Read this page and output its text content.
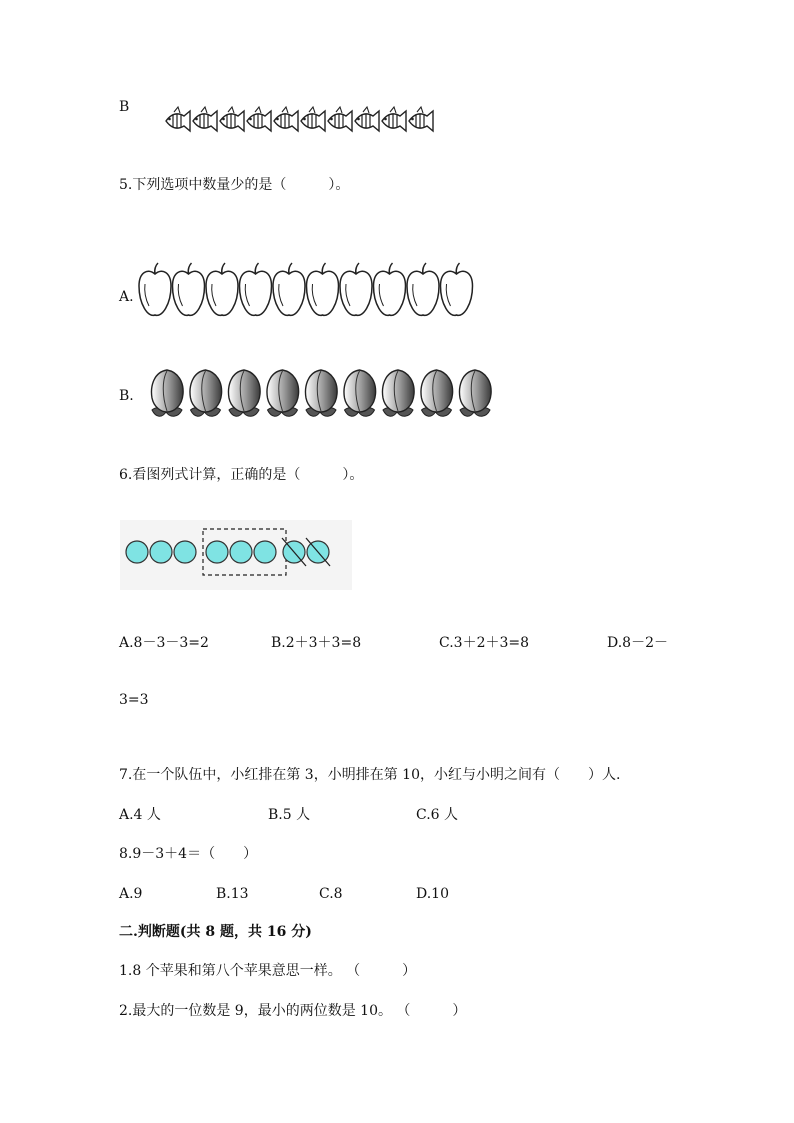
B
5.下列选项中数量少的是（　　　）。
A.
B.
6.看图列式计算，正确的是（　　　）。
A.8－3－3=2	B.2＋3＋3=8	C.3＋2＋3=8	D.8－2－
3=3
7.在一个队伍中，小红排在第 3，小明排在第 10，小红与小明之间有（　　）人.
A.4 人	B.5 人	C.6 人
8.9－3＋4＝（　　）
A.9	B.13	C.8	D.10
二.判断题(共 8 题，共 16 分)
1.8 个苹果和第八个苹果意思一样。 （　　　）
2.最大的一位数是 9，最小的两位数是 10。 （　　　）
